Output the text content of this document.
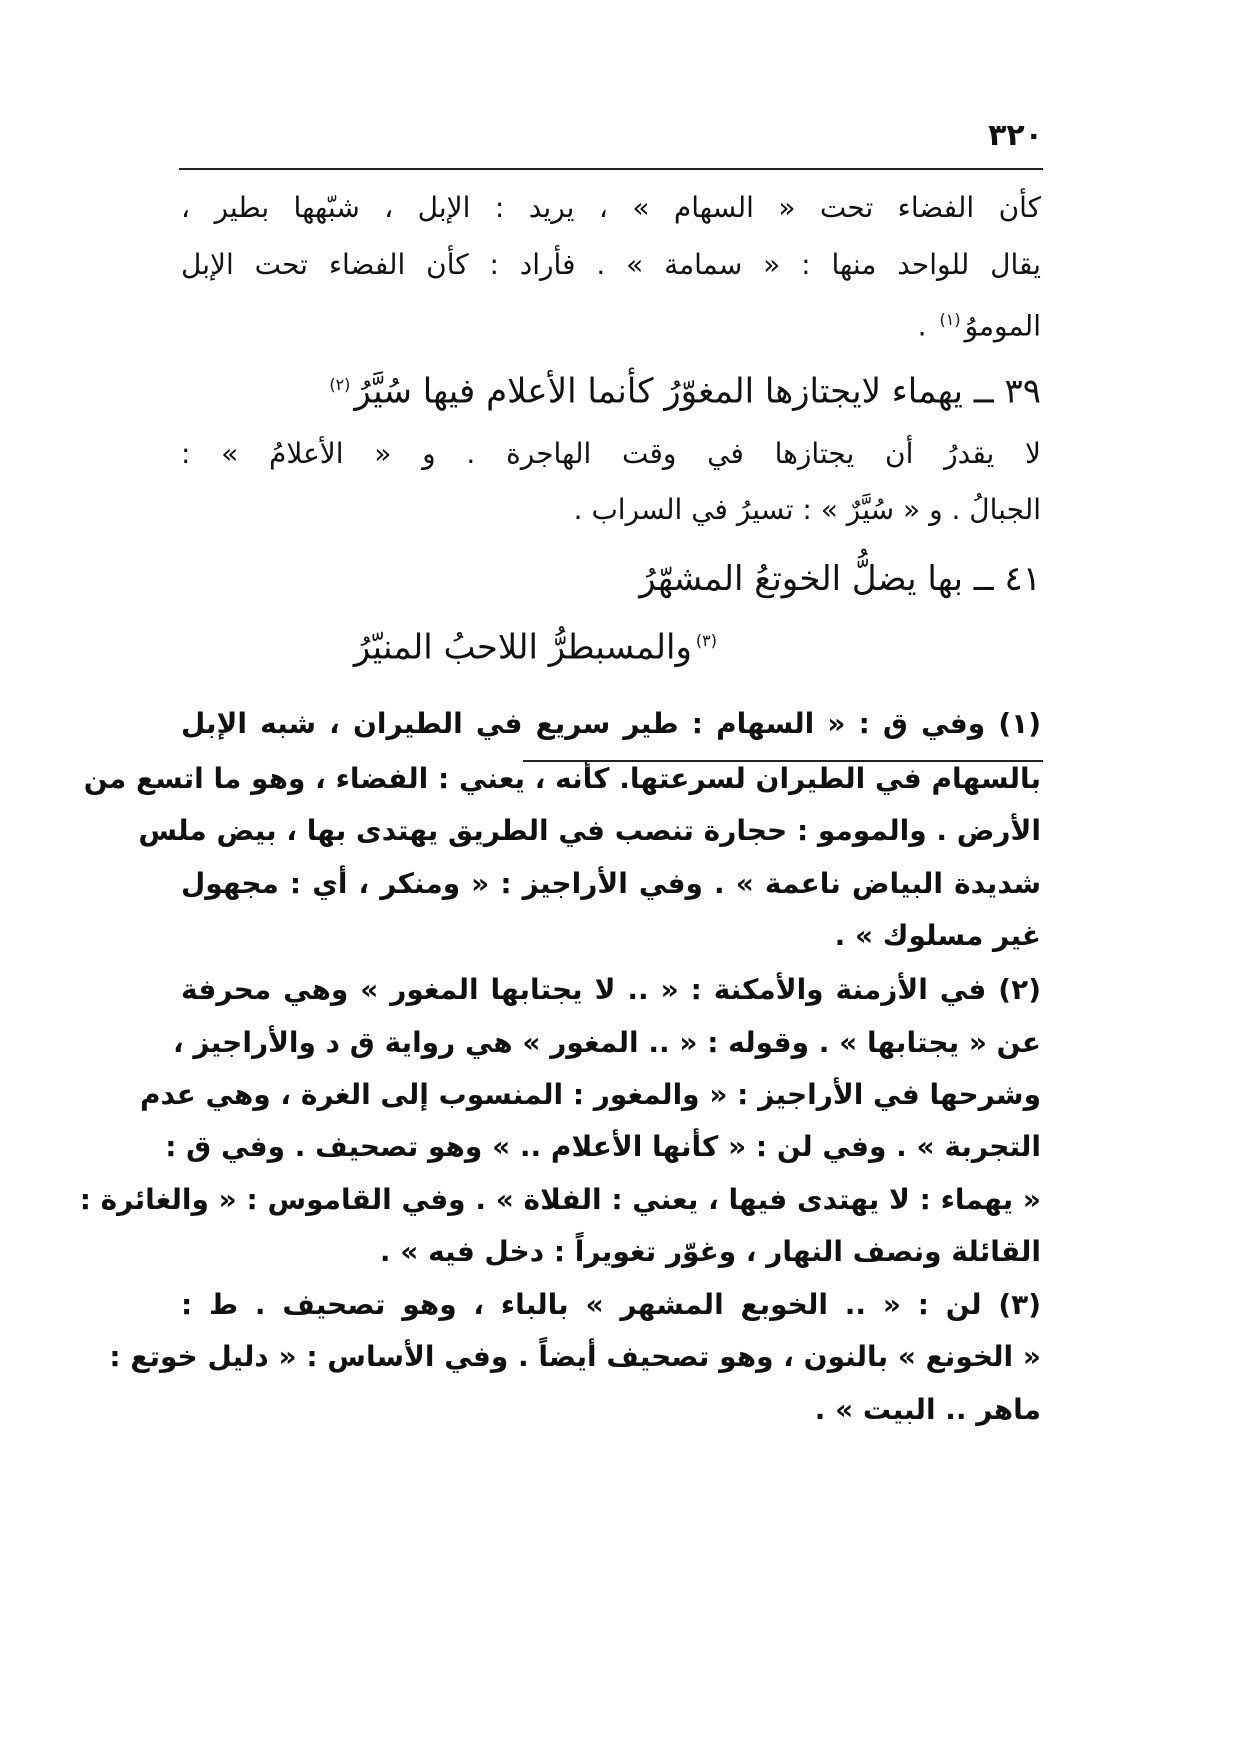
٣٢٠
كأن الفضاء تحت « السهام » ، يريد : الإبل ، شبّهها بطير ،
يقال للواحد منها : « سمامة » . فأراد : كأن الفضاء تحت الإبل
الموموُ$^{(١)}$ .
٣٩ ــ يهماء لايجتازها المغوّرُ كأنما الأعلام فيها سُيَّرُ$^{(٢)}$
لا يقدرُ أن يجتازها في وقت الهاجرة . و « الأعلامُ » :
الجبالُ . و « سُيَّرٌ » : تسيرُ في السراب .
٤١ ــ بها يضلُّ الخوتعُ المشهّرُ
$^{(٣)}$والمسبطرُّ اللاحبُ المنيّرُ
(١) وفي ق : « السهام : طير سريع في الطيران ، شبه الإبل
بالسهام في الطيران لسرعتها. كأنه ، يعني : الفضاء ، وهو ما اتسع من
الأرض . والمومو : حجارة تنصب في الطريق يهتدى بها ، بيض ملس
شديدة البياض ناعمة » . وفي الأراجيز : « ومنكر ، أي : مجهول
غير مسلوك » .
(٢) في الأزمنة والأمكنة : « .. لا يجتابها المغور » وهي محرفة
عن « يجتابها » . وقوله : « .. المغور » هي رواية ق د والأراجيز ،
وشرحها في الأراجيز : « والمغور : المنسوب إلى الغرة ، وهي عدم
التجربة » . وفي لن : « كأنها الأعلام .. » وهو تصحيف . وفي ق :
« يهماء : لا يهتدى فيها ، يعني : الفلاة » . وفي القاموس : « والغائرة :
القائلة ونصف النهار ، وغوّر تغويراً : دخل فيه » .
(٣) لن : « .. الخوبع المشهر » بالباء ، وهو تصحيف . ط :
« الخونع » بالنون ، وهو تصحيف أيضاً . وفي الأساس : « دليل خوتع :
ماهر .. البيت » .
